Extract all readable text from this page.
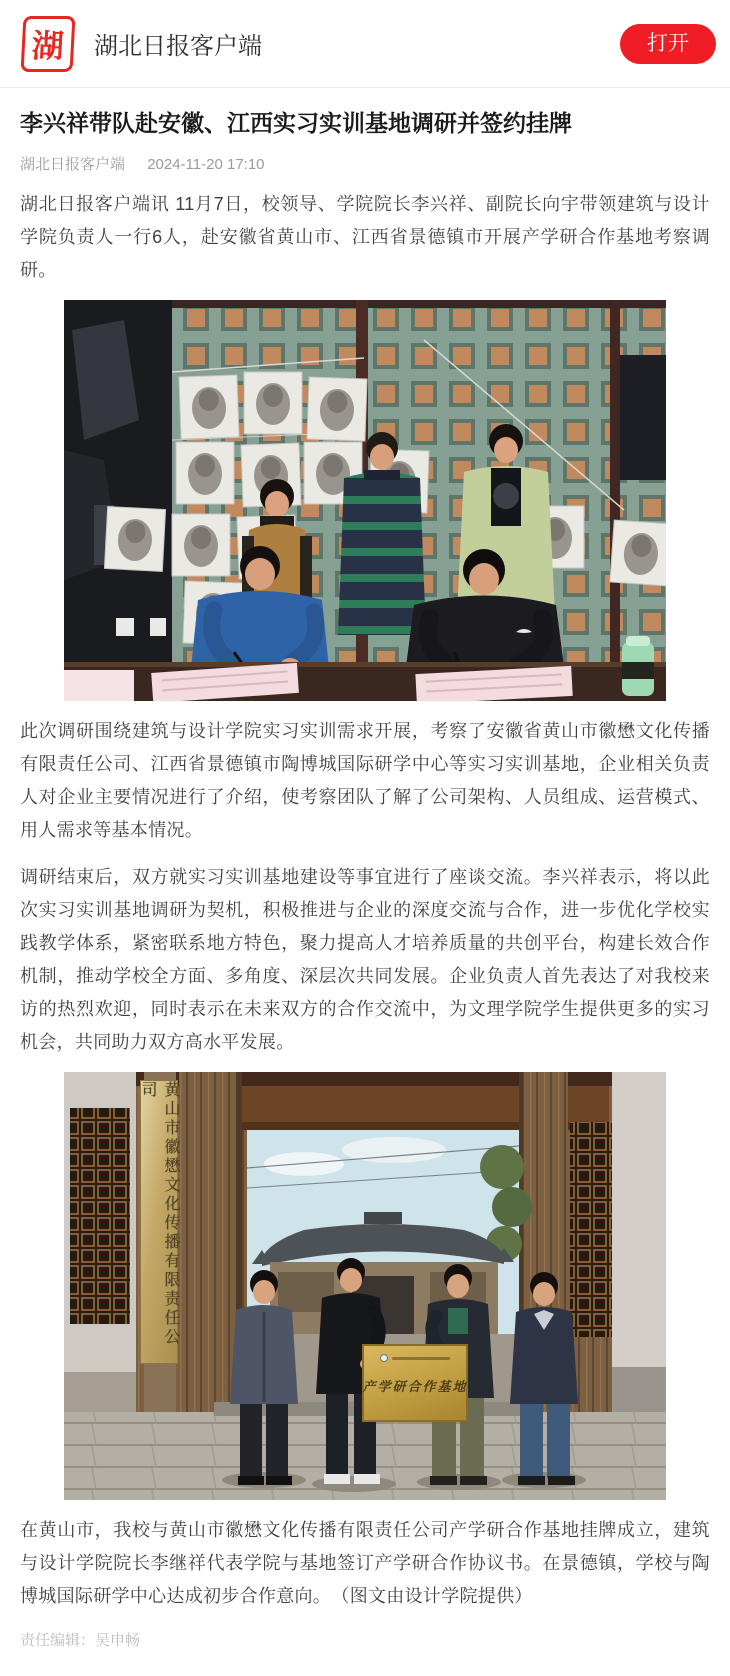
湖 湖北日报客户端	打开
李兴祥带队赴安徽、江西实习实训基地调研并签约挂牌
湖北日报客户端 2024-11-20 17:10

湖北日报客户端讯 11月7日，校领导、学院院长李兴祥、副院长向宇带领建筑与设计学院负责人一行6人，赴安徽省黄山市、江西省景德镇市开展产学研合作基地考察调研。

此次调研围绕建筑与设计学院实习实训需求开展，考察了安徽省黄山市徽懋文化传播有限责任公司、江西省景德镇市陶博城国际研学中心等实习实训基地，企业相关负责人对企业主要情况进行了介绍，使考察团队了解了公司架构、人员组成、运营模式、用人需求等基本情况。

调研结束后，双方就实习实训基地建设等事宜进行了座谈交流。李兴祥表示，将以此次实习实训基地调研为契机，积极推进与企业的深度交流与合作，进一步优化学校实践教学体系，紧密联系地方特色，聚力提高人才培养质量的共创平台，构建长效合作机制，推动学校全方面、多角度、深层次共同发展。企业负责人首先表达了对我校来访的热烈欢迎，同时表示在未来双方的合作交流中，为文理学院学生提供更多的实习机会，共同助力双方高水平发展。

黄山市徽懋文化传播有限责任公司
产学研合作基地

在黄山市，我校与黄山市徽懋文化传播有限责任公司产学研合作基地挂牌成立，建筑与设计学院院长李继祥代表学院与基地签订产学研合作协议书。在景德镇，学校与陶博城国际研学中心达成初步合作意向。　（图文由设计学院提供）

责任编辑：吴申畅
